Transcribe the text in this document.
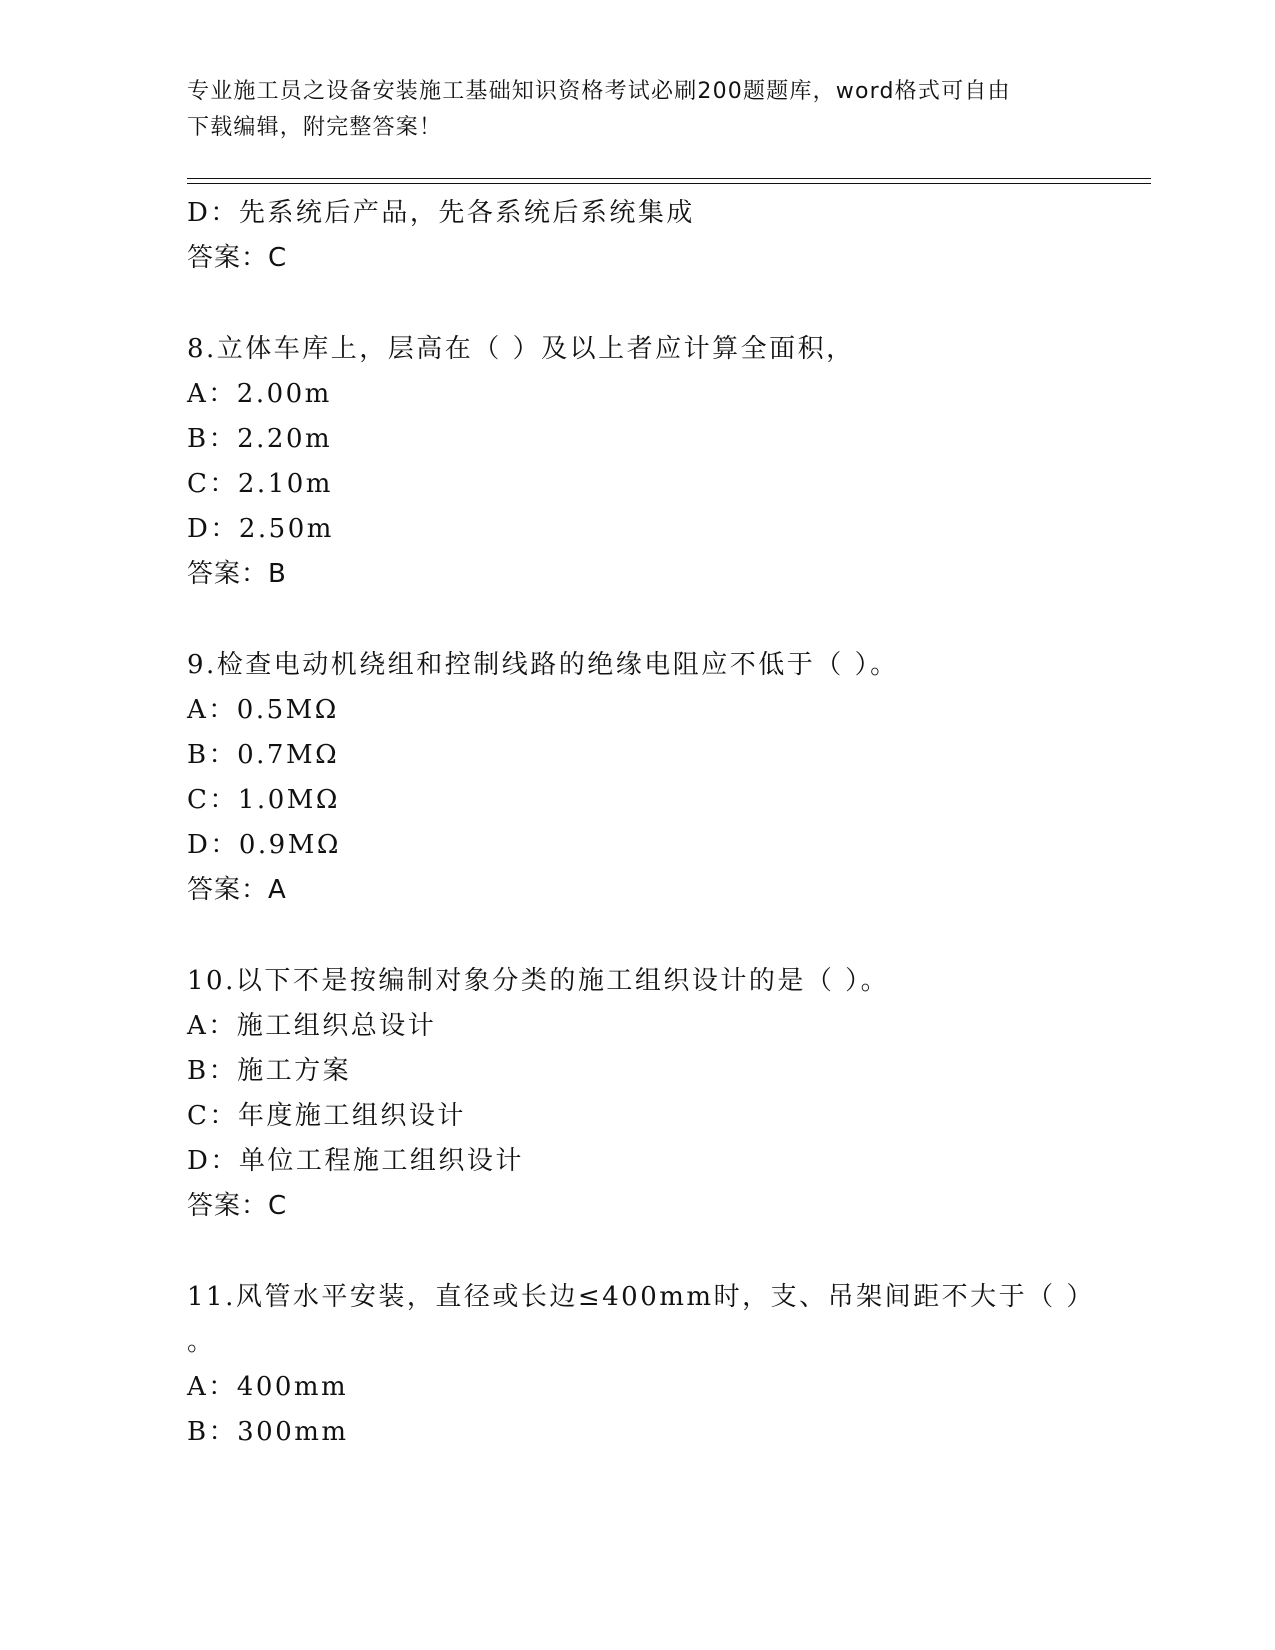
专业施工员之设备安装施工基础知识资格考试必刷200题题库，word格式可自由
下载编辑，附完整答案！
D：先系统后产品，先各系统后系统集成
答案：C
8.立体车库上，层高在（ ）及以上者应计算全面积，
A：2.00m
B：2.20m
C：2.10m
D：2.50m
答案：B
9.检查电动机绕组和控制线路的绝缘电阻应不低于（ ）。
A：0.5MΩ
B：0.7MΩ
C：1.0MΩ
D：0.9MΩ
答案：A
10.以下不是按编制对象分类的施工组织设计的是（ ）。
A：施工组织总设计
B：施工方案
C：年度施工组织设计
D：单位工程施工组织设计
答案：C
11.风管水平安装，直径或长边≤400mm时，支、吊架间距不大于（ ）
。
A：400mm
B：300mm
